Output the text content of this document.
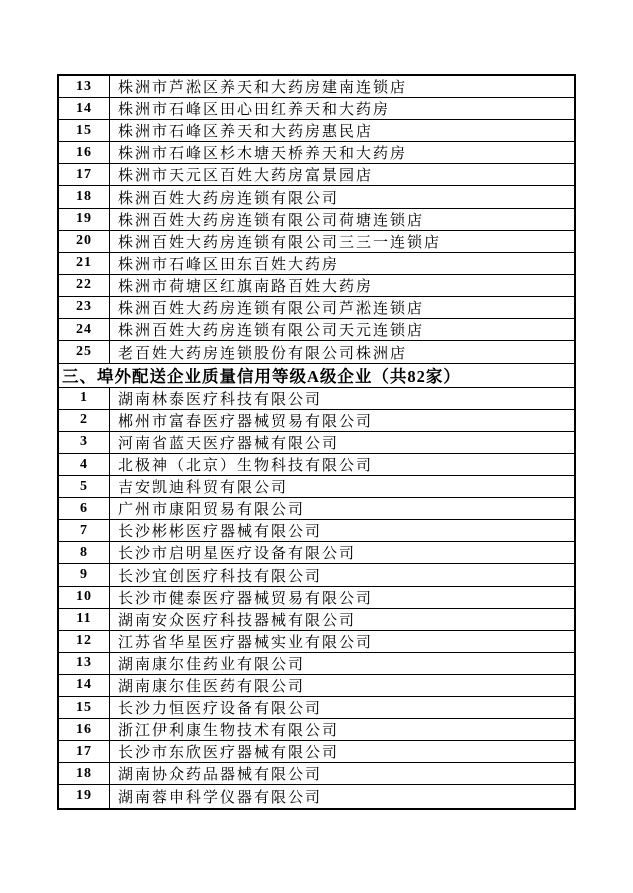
13	株洲市芦淞区养天和大药房建南连锁店
14	株洲市石峰区田心田红养天和大药房
15	株洲市石峰区养天和大药房惠民店
16	株洲市石峰区杉木塘天桥养天和大药房
17	株洲市天元区百姓大药房富景园店
18	株洲百姓大药房连锁有限公司
19	株洲百姓大药房连锁有限公司荷塘连锁店
20	株洲百姓大药房连锁有限公司三三一连锁店
21	株洲市石峰区田东百姓大药房
22	株洲市荷塘区红旗南路百姓大药房
23	株洲百姓大药房连锁有限公司芦淞连锁店
24	株洲百姓大药房连锁有限公司天元连锁店
25	老百姓大药房连锁股份有限公司株洲店
三、埠外配送企业质量信用等级A级企业（共82家）
1	湖南林泰医疗科技有限公司
2	郴州市富春医疗器械贸易有限公司
3	河南省蓝天医疗器械有限公司
4	北极神（北京）生物科技有限公司
5	吉安凯迪科贸有限公司
6	广州市康阳贸易有限公司
7	长沙彬彬医疗器械有限公司
8	长沙市启明星医疗设备有限公司
9	长沙宜创医疗科技有限公司
10	长沙市健泰医疗器械贸易有限公司
11	湖南安众医疗科技器械有限公司
12	江苏省华星医疗器械实业有限公司
13	湖南康尔佳药业有限公司
14	湖南康尔佳医药有限公司
15	长沙力恒医疗设备有限公司
16	浙江伊利康生物技术有限公司
17	长沙市东欣医疗器械有限公司
18	湖南协众药品器械有限公司
19	湖南蓉申科学仪器有限公司
